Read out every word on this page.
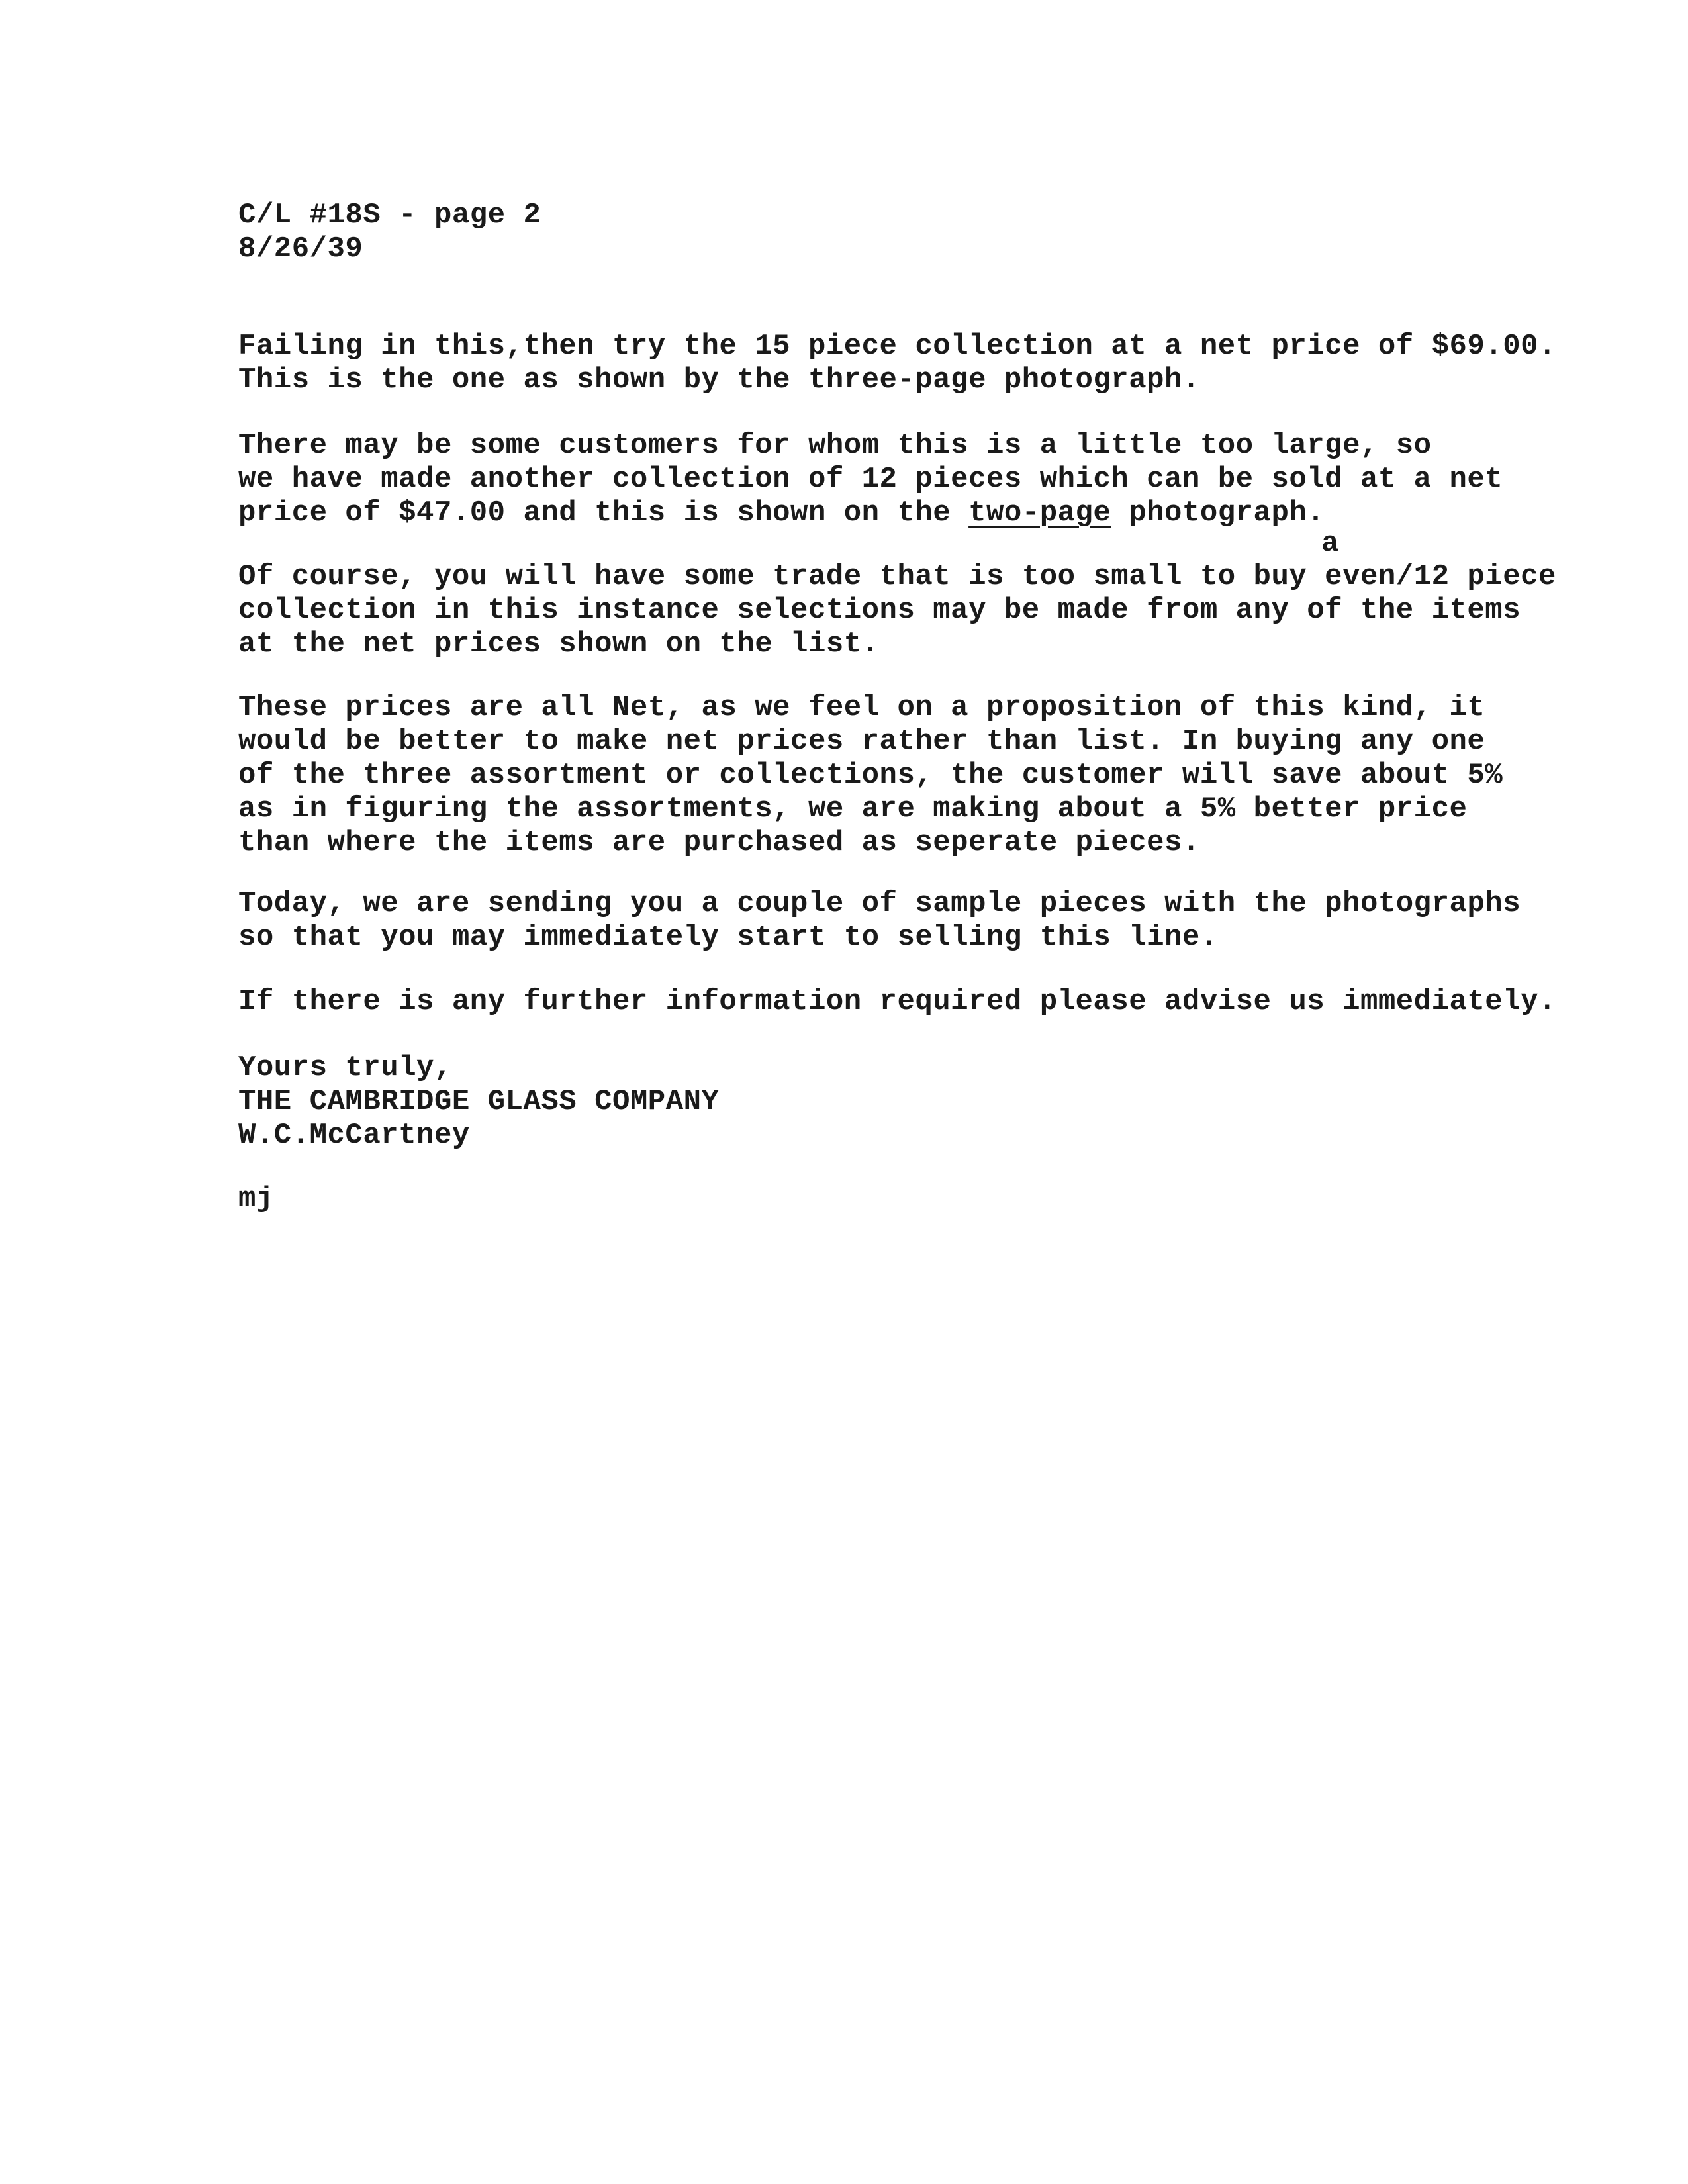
C/L #18S - page 2
8/26/39
Failing in this,then try the 15 piece collection at a net price of $69.00.
This is the one as shown by the three-page photograph.
There may be some customers for whom this is a little too large, so
we have made another collection of 12 pieces which can be sold at a net
price of $47.00 and this is shown on the two-page photograph.
a
Of course, you will have some trade that is too small to buy even/12 piece
collection in this instance selections may be made from any of the items
at the net prices shown on the list.
These prices are all Net, as we feel on a proposition of this kind, it
would be better to make net prices rather than list. In buying any one
of the three assortment or collections, the customer will save about 5%
as in figuring the assortments, we are making about a 5% better price
than where the items are purchased as seperate pieces.
Today, we are sending you a couple of sample pieces with the photographs
so that you may immediately start to selling this line.
If there is any further information required please advise us immediately.
Yours truly,
THE CAMBRIDGE GLASS COMPANY
W.C.McCartney
mj
